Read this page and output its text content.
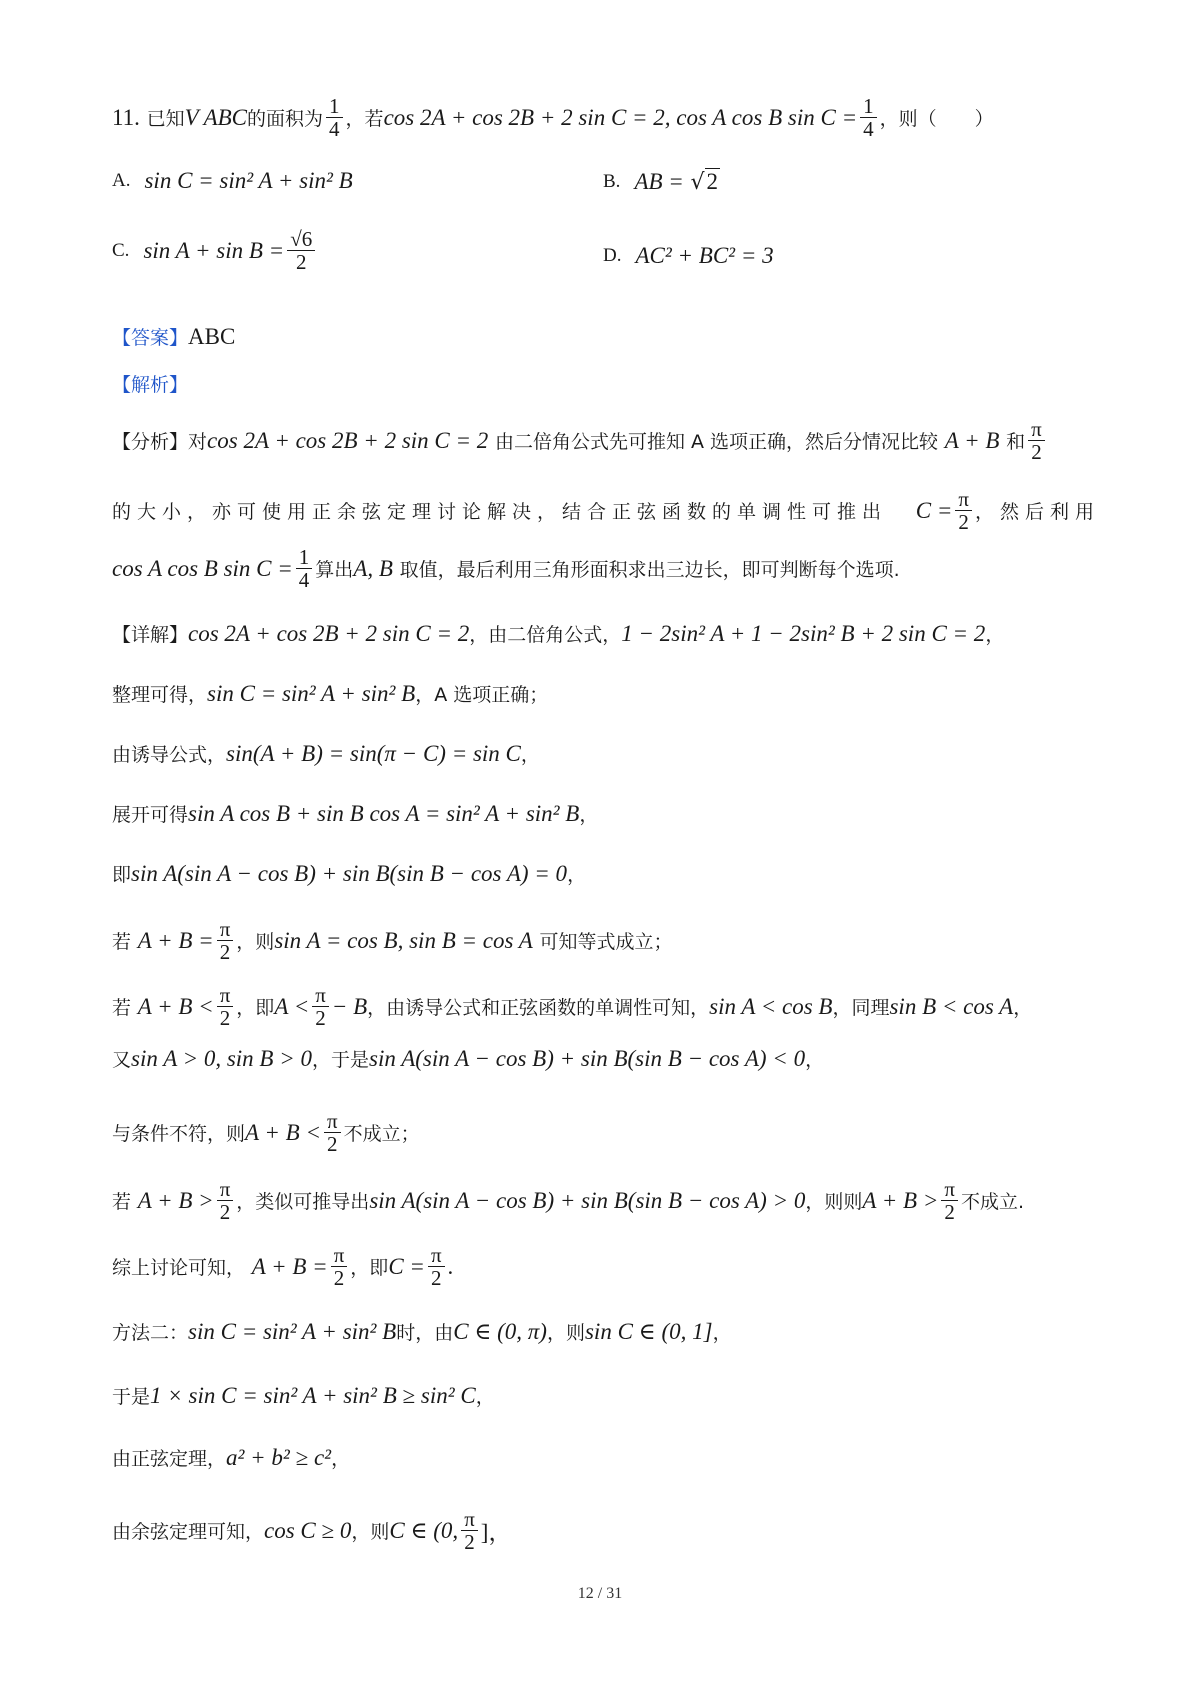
11.
已知 V ABC 的面积为 $\frac{1}{4}$ ，若 cos 2A + cos 2B + 2 sin C = 2, cos A cos B $\sin C = \frac{1}{4}$ ，则（　　）
A. sin C = sin² A + sin² B	B. AB =
√ 2
C. $\sin A + \sin B = \frac{√6}{2}$	D. AC² + BC² = 3
【答案】 ABC
【解析】
【分析】 对 cos 2A + cos 2B + 2 sin C = 2
由二倍角公式先可推知 A 选项正确，然后分情况比较
A + B
和 $\frac{\pi}{2}$
的大小，亦可使用正余弦定理讨论解决，结合正弦函数的单调性可推出 $C = \frac{\pi}{2}$ ，然后利用
cos A cos B $\sin C = \frac{1}{4}$ 算出 A, B
取值，最后利用三角形面积求出三边长，即可判断每个选项.
【详解】 cos 2A + cos 2B + 2 sin C = 2 ，由二倍角公式， 1 − 2sin² A + 1 − 2sin² B + 2 sin C = 2 ，
整理可得， sin C = sin² A + sin² B ，A 选项正确；
由诱导公式， sin(A + B) = sin(π − C) = sin C ，
展开可得 sin A cos B + sin B cos A = sin² A + sin² B ，
即 sin A(sin A − cos B) + sin B(sin B − cos A) = 0 ，
若
$A + B = \frac{\pi}{2}$ ，则 sin A = cos B, sin B = cos A
可知等式成立；
若
$A + B < \frac{\pi}{2}$ ，即 $A < \frac{\pi}{2} - B$ ，由诱导公式和正弦函数的单调性可知， sin A < cos B ，同理 sin B < cos A ，
又 sin A > 0, sin B > 0 ，于是 sin A(sin A − cos B) + sin B(sin B − cos A) < 0 ，
与条件不符，则 $A + B < \frac{\pi}{2}$ 不成立；
若
$A + B > \frac{\pi}{2}$ ，类似可推导出 sin A(sin A − cos B) + sin B(sin B − cos A) > 0 ，则则 $A + B > \frac{\pi}{2}$ 不成立.
综上讨论可知，
$A + B = \frac{\pi}{2}$ ，即 $C = \frac{\pi}{2}$ .
方法二： sin C = sin² A + sin² B 时，由 C ∈ (0, π) ，则 sin C ∈ (0, 1] ，
于是 1 × sin C = sin² A + sin² B ≥ sin² C ，
由正弦定理， a² + b² ≥ c² ，
由余弦定理可知， cos C ≥ 0 ，则 C ∈ (0, $\frac{\pi}{2}$ ]，
12 / 31
